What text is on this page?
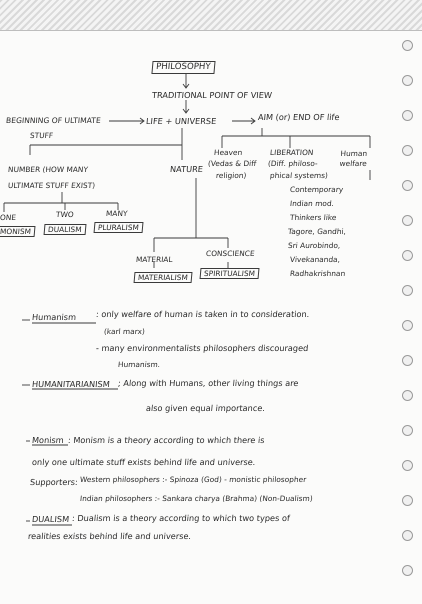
PHILOSOPHY
TRADITIONAL POINT OF VIEW
BEGINNING OF ULTIMATE
STUFF
LIFE + UNIVERSE	AIM (or) END OF life
NUMBER (HOW MANY
ULTIMATE STUFF EXIST)
NATURE
Heaven
(Vedas & Diff
religion)
LIBERATION
(Diff. philoso-
phical systems)
Human welfare
Contemporary
Indian mod.
Thinkers like
Tagore, Gandhi,
Sri Aurobindo,
Vivekananda,
Radhakrishnan
ONE	TWO	MANY
MONISM	DUALISM	PLURALISM
MATERIAL
CONSCIENCE
MATERIALISM	SPIRITUALISM
Humanism : only welfare of human is taken in to consideration.
(karl marx)
- many environmentalists philosophers discouraged
Humanism.
HUMANITARIANISM ; Along with Humans, other living things are
also given equal importance.
Monism : Monism is a theory according to which there is
only one ultimate stuff exists behind life and universe.
Supporters: Western philosophers :- Spinoza (God) - monistic philosopher
Indian philosophers :- Sankara charya (Brahma) (Non-Dualism)
DUALISM : Dualism is a theory according to which two types of
realities exists behind life and universe.
